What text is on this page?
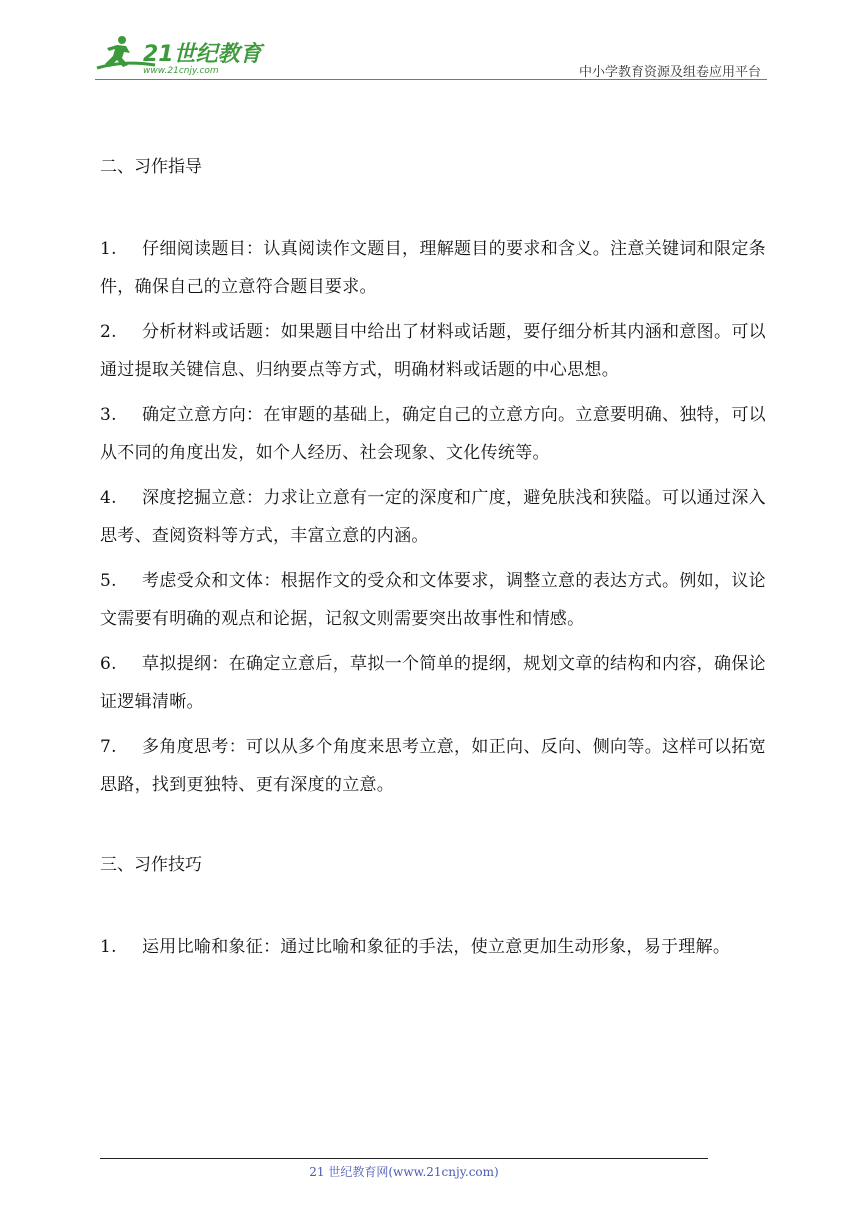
21世纪教育
www.21cnjy.com	中小学教育资源及组卷应用平台
二、习作指导

1. 仔细阅读题目：认真阅读作文题目，理解题目的要求和含义。注意关键词和限定条件，确保自己的立意符合题目要求。

2. 分析材料或话题：如果题目中给出了材料或话题，要仔细分析其内涵和意图。可以通过提取关键信息、归纳要点等方式，明确材料或话题的中心思想。

3. 确定立意方向：在审题的基础上，确定自己的立意方向。立意要明确、独特，可以从不同的角度出发，如个人经历、社会现象、文化传统等。

4. 深度挖掘立意：力求让立意有一定的深度和广度，避免肤浅和狭隘。可以通过深入思考、查阅资料等方式，丰富立意的内涵。

5. 考虑受众和文体：根据作文的受众和文体要求，调整立意的表达方式。例如，议论文需要有明确的观点和论据，记叙文则需要突出故事性和情感。

6. 草拟提纲：在确定立意后，草拟一个简单的提纲，规划文章的结构和内容，确保论证逻辑清晰。

7. 多角度思考：可以从多个角度来思考立意，如正向、反向、侧向等。这样可以拓宽思路，找到更独特、更有深度的立意。

三、习作技巧

1. 运用比喻和象征：通过比喻和象征的手法，使立意更加生动形象，易于理解。

21 世纪教育网(www.21cnjy.com)
